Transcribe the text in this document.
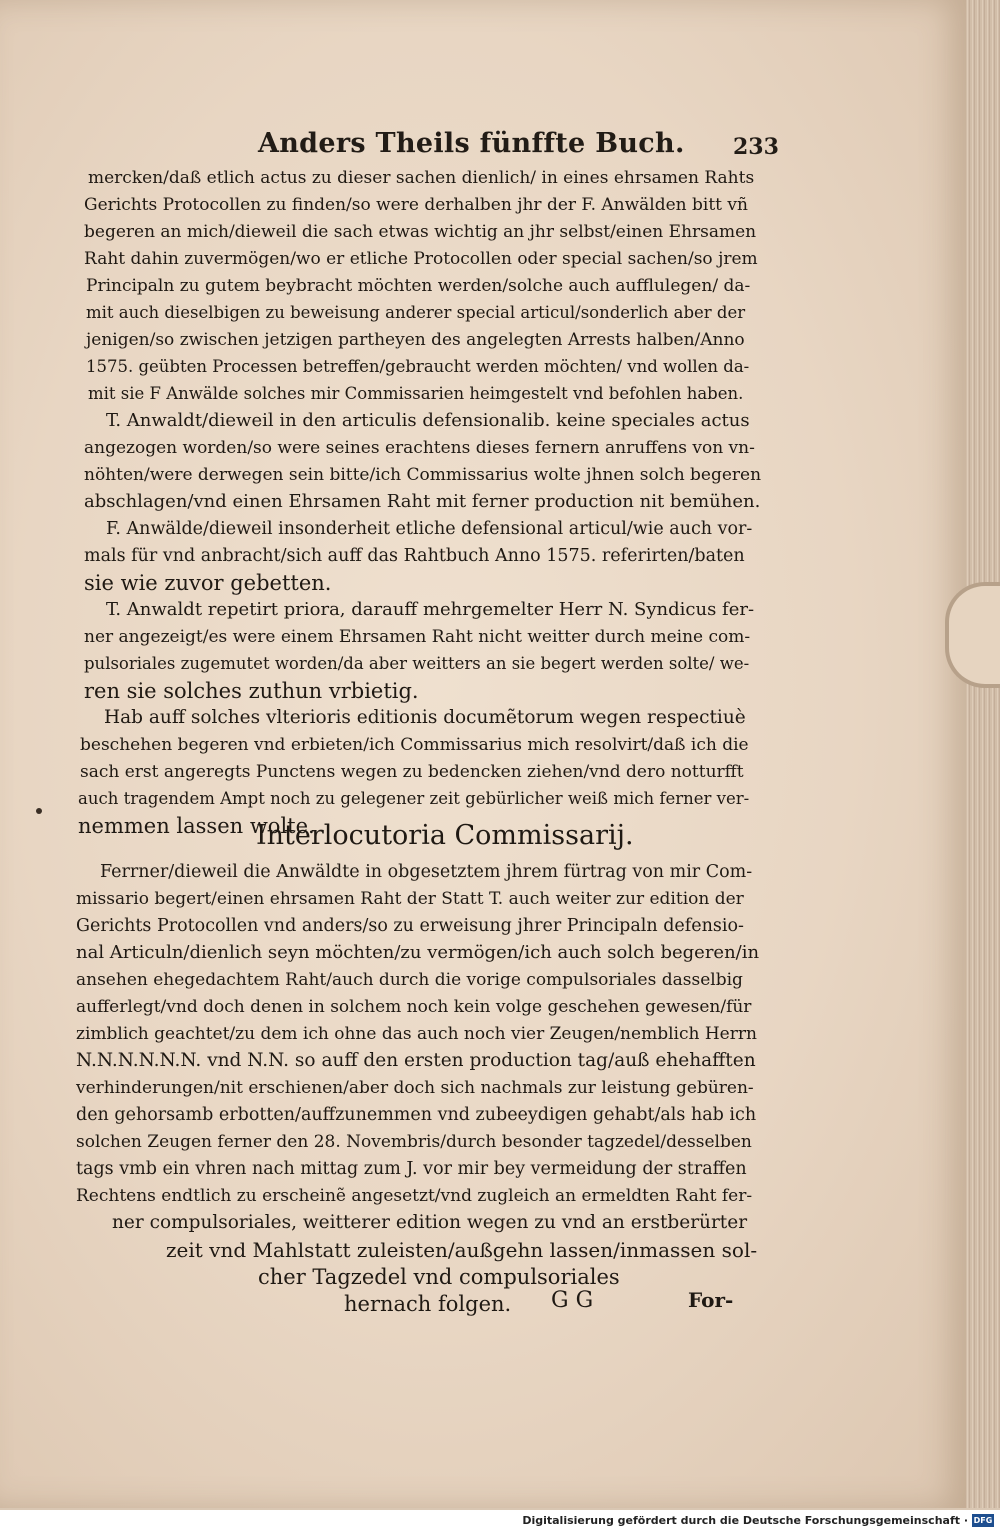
Anders Theils fünffte Buch. 233
mercken/daß etlich actus zu dieser sachen dienlich/ in eines ehrsamen Rahts
Gerichts Protocollen zu finden/so were derhalben jhr der F. Anwälden bitt vñ
begeren an mich/dieweil die sach etwas wichtig an jhr selbst/einen Ehrsamen
Raht dahin zuvermögen/wo er etliche Protocollen oder special sachen/so jrem
Principaln zu gutem beybracht möchten werden/solche auch aufflulegen/ da-
mit auch dieselbigen zu beweisung anderer special articul/sonderlich aber der
jenigen/so zwischen jetzigen partheyen des angelegten Arrests halben/Anno
1575. geübten Processen betreffen/gebraucht werden möchten/ vnd wollen da-
mit sie F Anwälde solches mir Commissarien heimgestelt vnd befohlen haben.
T. Anwaldt/dieweil in den articulis defensionalib. keine speciales actus
angezogen worden/so were seines erachtens dieses fernern anruffens von vn-
nöhten/were derwegen sein bitte/ich Commissarius wolte jhnen solch begeren
abschlagen/vnd einen Ehrsamen Raht mit ferner production nit bemühen.
F. Anwälde/dieweil insonderheit etliche defensional articul/wie auch vor-
mals für vnd anbracht/sich auff das Rahtbuch Anno 1575. referirten/baten
sie wie zuvor gebetten.
T. Anwaldt repetirt priora, darauff mehrgemelter Herr N. Syndicus fer-
ner angezeigt/es were einem Ehrsamen Raht nicht weitter durch meine com-
pulsoriales zugemutet worden/da aber weitters an sie begert werden solte/ we-
ren sie solches zuthun vrbietig.
Hab auff solches vlterioris editionis documẽtorum wegen respectiuè
beschehen begeren vnd erbieten/ich Commissarius mich resolvirt/daß ich die
sach erst angeregts Punctens wegen zu bedencken ziehen/vnd dero notturfft
auch tragendem Ampt noch zu gelegener zeit gebürlicher weiß mich ferner ver-
nemmen lassen wolte.
Interlocutoria Commissarij.
Ferrner/dieweil die Anwäldte in obgesetztem jhrem fürtrag von mir Com-
missario begert/einen ehrsamen Raht der Statt T. auch weiter zur edition der
Gerichts Protocollen vnd anders/so zu erweisung jhrer Principaln defensio-
nal Articuln/dienlich seyn möchten/zu vermögen/ich auch solch begeren/in
ansehen ehegedachtem Raht/auch durch die vorige compulsoriales dasselbig
aufferlegt/vnd doch denen in solchem noch kein volge geschehen gewesen/für
zimblich geachtet/zu dem ich ohne das auch noch vier Zeugen/nemblich Herrn
N.N.N.N.N.N. vnd N.N. so auff den ersten production tag/auß ehehafften
verhinderungen/nit erschienen/aber doch sich nachmals zur leistung gebüren-
den gehorsamb erbotten/auffzunemmen vnd zubeeydigen gehabt/als hab ich
solchen Zeugen ferner den 28. Novembris/durch besonder tagzedel/desselben
tags vmb ein vhren nach mittag zum J. vor mir bey vermeidung der straffen
Rechtens endtlich zu erscheinẽ angesetzt/vnd zugleich an ermeldten Raht fer-
ner compulsoriales, weitterer edition wegen zu vnd an erstberürter
zeit vnd Mahlstatt zuleisten/außgehn lassen/inmassen sol-
cher Tagzedel vnd compulsoriales
hernach folgen. G G	For-
Digitalisierung gefördert durch die Deutsche Forschungsgemeinschaft · DFG
